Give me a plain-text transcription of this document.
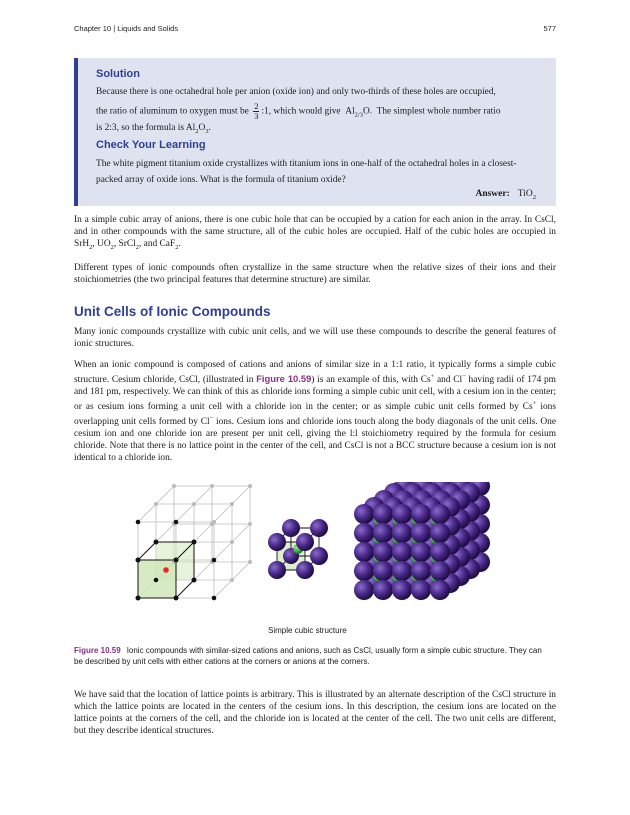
Chapter 10 | Liquids and Solids	577
Solution

Because there is one octahedral hole per anion (oxide ion) and only two-thirds of these holes are occupied,

the ratio of aluminum to oxygen must be $\frac{2}{3}$ :1, which would give $Al_{2/3}O$. The simplest whole number ratio

is 2:3, so the formula is $Al_2O_3$.

Check Your Learning

The white pigment titanium oxide crystallizes with titanium ions in one-half of the octahedral holes in a closest-packed array of oxide ions. What is the formula of titanium oxide?

Answer: TiO$_2$

In a simple cubic array of anions, there is one cubic hole that can be occupied by a cation for each anion in the array. In CsCl, and in other compounds with the same structure, all of the cubic holes are occupied. Half of the cubic holes are occupied in SrH$_2$, $UO_2$, SrCl$_2$, and CaF$_2$.

Different types of ionic compounds often crystallize in the same structure when the relative sizes of their ions and their stoichiometries (the two principal features that determine structure) are similar.

Unit Cells of Ionic Compounds

Many ionic compounds crystallize with cubic unit cells, and we will use these compounds to describe the general features of ionic structures.

When an ionic compound is composed of cations and anions of similar size in a 1:1 ratio, it typically forms a simple cubic structure. Cesium chloride, CsCl, (illustrated in Figure 10.59) is an example of this, with Cs+ and Cl− having radii of 174 pm and 181 pm, respectively. We can think of this as chloride ions forming a simple cubic unit cell, with a cesium ion in the center; or as cesium ions forming a unit cell with a chloride ion in the center; or as simple cubic unit cells formed by Cs+ ions overlapping unit cells formed by Cl− ions. Cesium ions and chloride ions touch along the body diagonals of the unit cells. One cesium ion and one chloride ion are present per unit cell, giving the l:l stoichiometry required by the formula for cesium chloride. Note that there is no lattice point in the center of the cell, and CsCl is not a BCC structure because a cesium ion is not identical to a chloride ion.

Simple cubic structure

Figure 10.59 Ionic compounds with similar-sized cations and anions, such as CsCl, usually form a simple cubic structure. They can be described by unit cells with either cations at the corners or anions at the corners.

We have said that the location of lattice points is arbitrary. This is illustrated by an alternate description of the CsCl structure in which the lattice points are located in the centers of the cesium ions. In this description, the cesium ions are located on the lattice points at the corners of the cell, and the chloride ion is located at the center of the cell. The two unit cells are different, but they describe identical structures.
